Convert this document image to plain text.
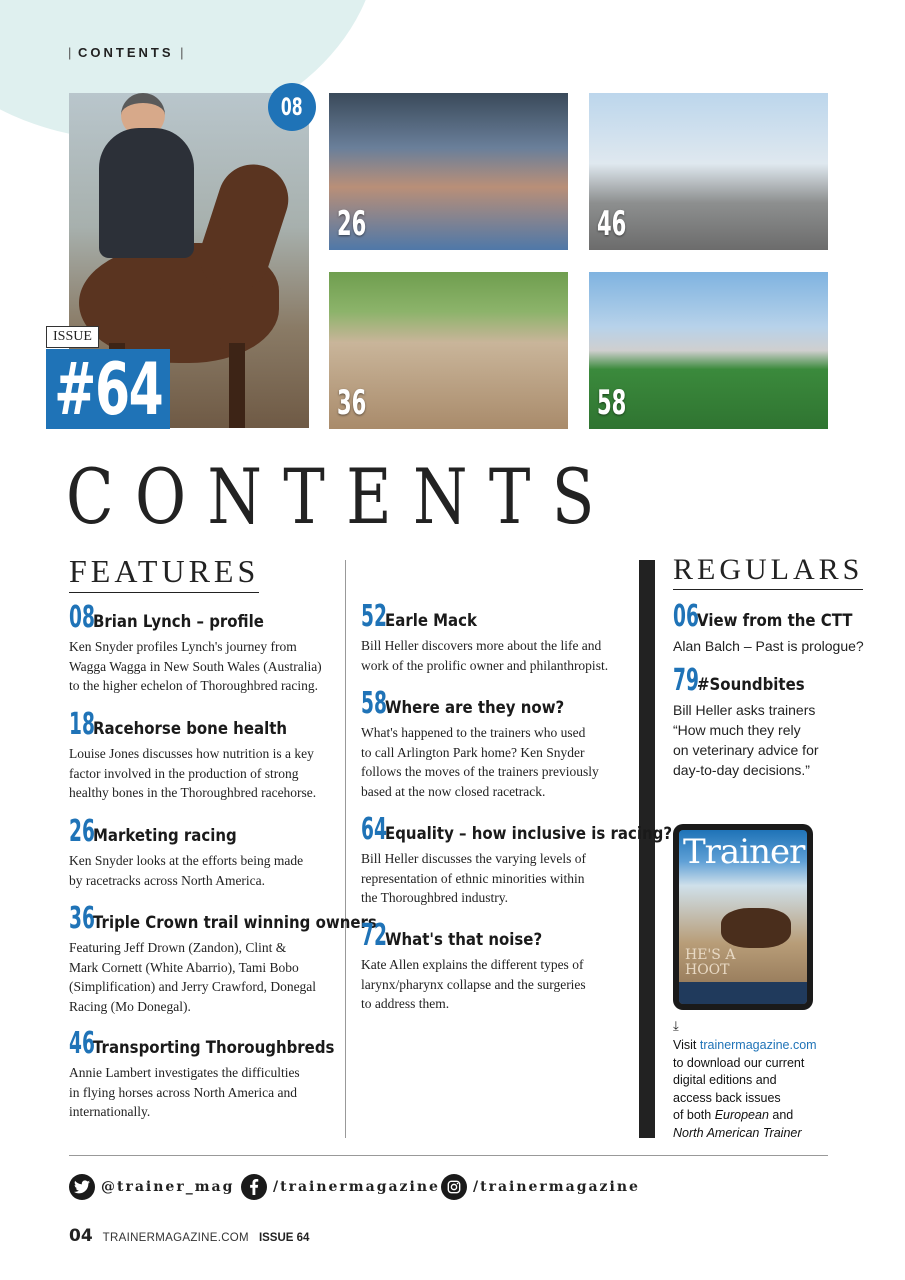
| CONTENTS |
08
26	46
36	58
ISSUE
#64
CONTENTS
FEATURES	REGULARS
08
Brian Lynch – profile
Ken Snyder profiles Lynch's journey from
Wagga Wagga in New South Wales (Australia)
to the higher echelon of Thoroughbred racing.
18
Racehorse bone health
Louise Jones discusses how nutrition is a key
factor involved in the production of strong
healthy bones in the Thoroughbred racehorse.
26
Marketing racing
Ken Snyder looks at the efforts being made
by racetracks across North America.
36
Triple Crown trail winning owners
Featuring Jeff Drown (Zandon), Clint &
Mark Cornett (White Abarrio), Tami Bobo
(Simplification) and Jerry Crawford, Donegal
Racing (Mo Donegal).
46
Transporting Thoroughbreds
Annie Lambert investigates the difficulties
in flying horses across North America and
internationally.
52
Earle Mack
Bill Heller discovers more about the life and
work of the prolific owner and philanthropist.
58
Where are they now?
What's happened to the trainers who used
to call Arlington Park home? Ken Snyder
follows the moves of the trainers previously
based at the now closed racetrack.
64
Equality – how inclusive is racing?
Bill Heller discusses the varying levels of
representation of ethnic minorities within
the Thoroughbred industry.
72
What's that noise?
Kate Allen explains the different types of
larynx/pharynx collapse and the surgeries
to address them.
06
View from the CTT
Alan Balch – Past is prologue?
79
#Soundbites
Bill Heller asks trainers
“How much they rely
on veterinary advice for
day-to-day decisions.”
Trainer
HE'S A
HOOT
⤓
Visit trainermagazine.com
to download our current
digital editions and
access back issues
of both European and
North American Trainer
@trainer_mag	/trainermagazine /trainermagazine
04 TRAINERMAGAZINE.COM ISSUE 64
